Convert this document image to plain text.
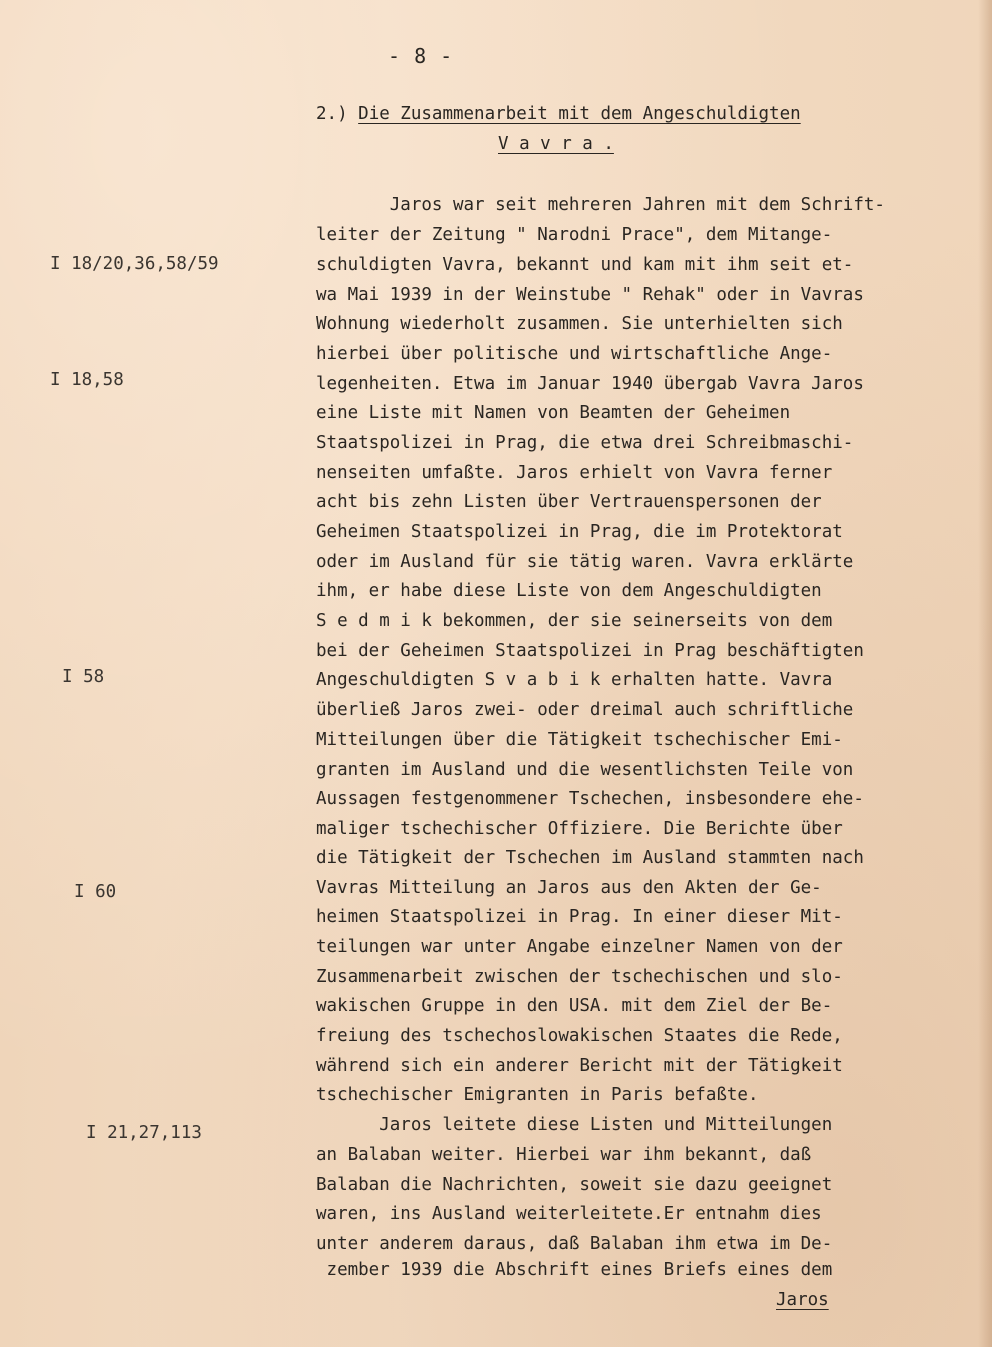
- 8 -
2.) Die Zusammenarbeit mit dem Angeschuldigten
V a v r a .
I 18/20,36,58/59
I 18,58
I 58
I 60
I 21,27,113
Jaros war seit mehreren Jahren mit dem Schrift-
leiter der Zeitung " Narodni Prace", dem Mitange-
schuldigten Vavra, bekannt und kam mit ihm seit et-
wa Mai 1939 in der Weinstube " Rehak" oder in Vavras
Wohnung wiederholt zusammen. Sie unterhielten sich
hierbei über politische und wirtschaftliche Ange-
legenheiten. Etwa im Januar 1940 übergab Vavra Jaros
eine Liste mit Namen von Beamten der Geheimen
Staatspolizei in Prag, die etwa drei Schreibmaschi-
nenseiten umfaßte. Jaros erhielt von Vavra ferner
acht bis zehn Listen über Vertrauenspersonen der
Geheimen Staatspolizei in Prag, die im Protektorat
oder im Ausland für sie tätig waren. Vavra erklärte
ihm, er habe diese Liste von dem Angeschuldigten
S e d m i k bekommen, der sie seinerseits von dem
bei der Geheimen Staatspolizei in Prag beschäftigten
Angeschuldigten S v a b i k erhalten hatte. Vavra
überließ Jaros zwei- oder dreimal auch schriftliche
Mitteilungen über die Tätigkeit tschechischer Emi-
granten im Ausland und die wesentlichsten Teile von
Aussagen festgenommener Tschechen, insbesondere ehe-
maliger tschechischer Offiziere. Die Berichte über
die Tätigkeit der Tschechen im Ausland stammten nach
Vavras Mitteilung an Jaros aus den Akten der Ge-
heimen Staatspolizei in Prag. In einer dieser Mit-
teilungen war unter Angabe einzelner Namen von der
Zusammenarbeit zwischen der tschechischen und slo-
wakischen Gruppe in den USA. mit dem Ziel der Be-
freiung des tschechoslowakischen Staates die Rede,
während sich ein anderer Bericht mit der Tätigkeit
tschechischer Emigranten in Paris befaßte.
Jaros leitete diese Listen und Mitteilungen
an Balaban weiter. Hierbei war ihm bekannt, daß
Balaban die Nachrichten, soweit sie dazu geeignet
waren, ins Ausland weiterleitete.Er entnahm dies
unter anderem daraus, daß Balaban ihm etwa im De-
zember 1939 die Abschrift eines Briefs eines dem
Jaros
